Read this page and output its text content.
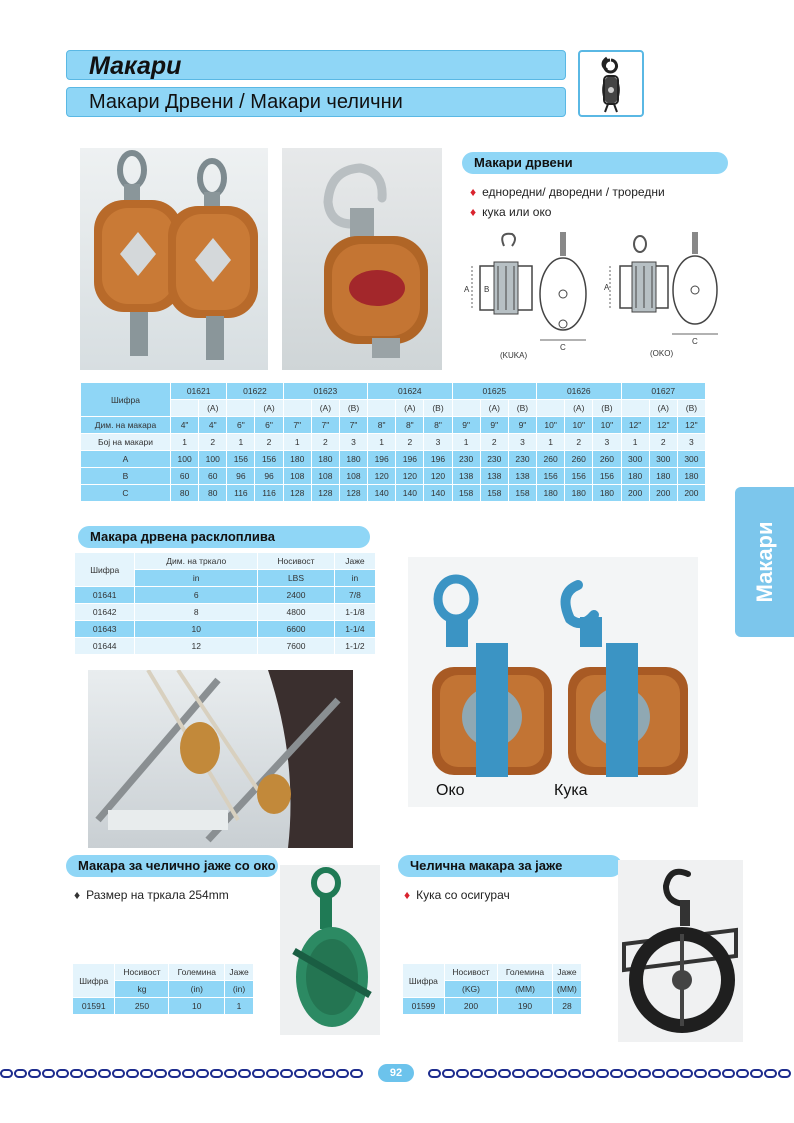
Макари
Макари Дрвени / Макари челични
Макари
Макари дрвени
♦ еднoредни/ двoредни / трoредни
♦ кука или oкo
A B
C
(KUKA)
A
C
(OKO)
Шифра	01621		01622		01623			01624			01625			01626			01627		
		(A)		(A)		(A)	(B)		(A)	(B)		(A)	(B)		(A)	(B)		(A)	(B)
Дим. на макара	4"	4"	6"	6"	7"	7"	7"	8"	8"	8"	9"	9"	9"	10"	10"	10"	12"	12"	12"
Бoj на макари	1	2	1	2	1	2	3	1	2	3	1	2	3	1	2	3	1	2	3
A	100	100	156	156	180	180	180	196	196	196	230	230	230	260	260	260	300	300	300
B	60	60	96	96	108	108	108	120	120	120	138	138	138	156	156	156	180	180	180
C	80	80	116	116	128	128	128	140	140	140	158	158	158	180	180	180	200	200	200
Макара дрвена расклоплива
Шифра	Дим. на тркало	Носивост	Јаже
	in	LBS	in
01641	6	2400	7/8
01642	8	4800	1-1/8
01643	10	6600	1-1/4
01644	12	7600	1-1/2
Око	Кука
Макара за челично јаже со око
♦ Размер на тркала 254mm
Шифра	Носивост	Големина	Јаже
	kg	(in)	(in)
01591	250	10	1
Челична макара за јаже
♦ Кука со осигурач
Шифра	Носивост	Големина	Јаже
	(KG)	(MM)	(MM)
01599	200	190	28
92
